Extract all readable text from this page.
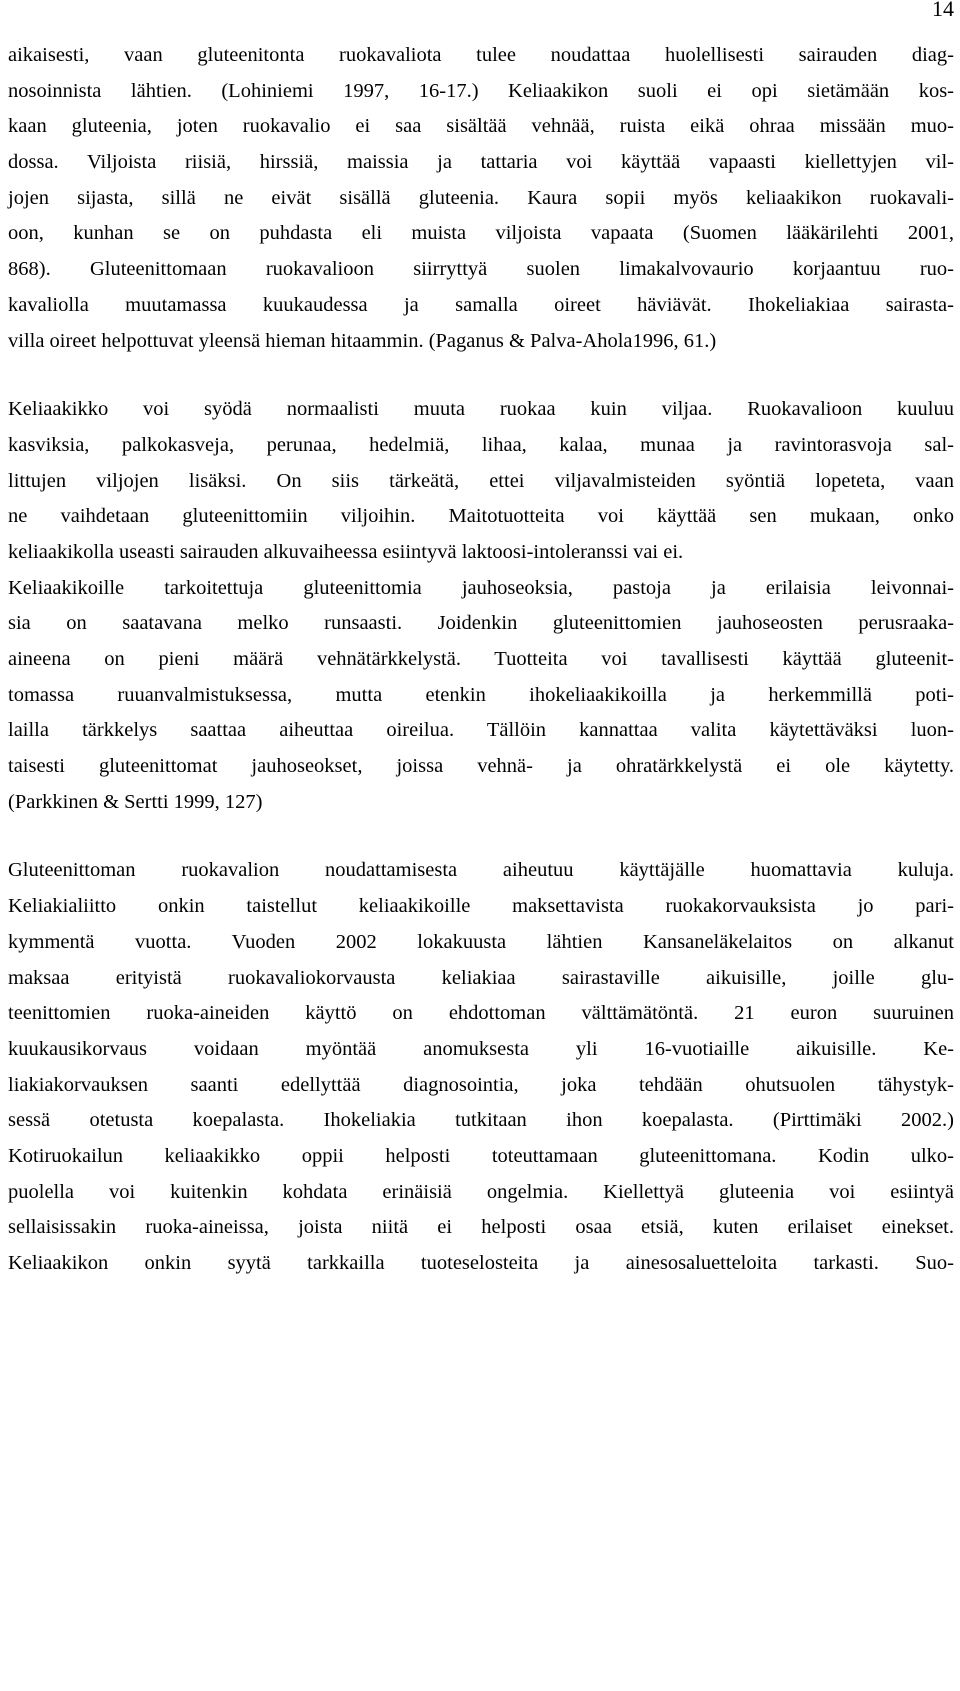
14
aikaisesti, vaan gluteenitonta ruokavaliota tulee noudattaa huolellisesti sairauden diag-
nosoinnista lähtien. (Lohiniemi 1997, 16-17.) Keliaakikon suoli ei opi sietämään kos-
kaan gluteenia, joten ruokavalio ei saa sisältää vehnää, ruista eikä ohraa missään muo-
dossa. Viljoista riisiä, hirssiä, maissia ja tattaria voi käyttää vapaasti kiellettyjen vil-
jojen sijasta, sillä ne eivät sisällä gluteenia. Kaura sopii myös keliaakikon ruokavali-
oon, kunhan se on puhdasta eli muista viljoista vapaata (Suomen lääkärilehti 2001,
868). Gluteenittomaan ruokavalioon siirryttyä suolen limakalvovaurio korjaantuu ruo-
kavaliolla muutamassa kuukaudessa ja samalla oireet häviävät. Ihokeliakiaa sairasta-
villa oireet helpottuvat yleensä hieman hitaammin. (Paganus & Palva-Ahola1996, 61.)
Keliaakikko voi syödä normaalisti muuta ruokaa kuin viljaa. Ruokavalioon kuuluu
kasviksia, palkokasveja, perunaa, hedelmiä, lihaa, kalaa, munaa ja ravintorasvoja sal-
littujen viljojen lisäksi. On siis tärkeätä, ettei viljavalmisteiden syöntiä lopeteta, vaan
ne vaihdetaan gluteenittomiin viljoihin. Maitotuotteita voi käyttää sen mukaan, onko
keliaakikolla useasti sairauden alkuvaiheessa esiintyvä laktoosi-intoleranssi vai ei.
Keliaakikoille tarkoitettuja gluteenittomia jauhoseoksia, pastoja ja erilaisia leivonnai-
sia on saatavana melko runsaasti. Joidenkin gluteenittomien jauhoseosten perusraaka-
aineena on pieni määrä vehnätärkkelystä. Tuotteita voi tavallisesti käyttää gluteenit-
tomassa ruuanvalmistuksessa, mutta etenkin ihokeliaakikoilla ja herkemmillä poti-
lailla tärkkelys saattaa aiheuttaa oireilua. Tällöin kannattaa valita käytettäväksi luon-
taisesti gluteenittomat jauhoseokset, joissa vehnä- ja ohratärkkelystä ei ole käytetty.
(Parkkinen & Sertti 1999, 127)
Gluteenittoman ruokavalion noudattamisesta aiheutuu käyttäjälle huomattavia kuluja.
Keliakialiitto onkin taistellut keliaakikoille maksettavista ruokakorvauksista jo pari-
kymmentä vuotta. Vuoden 2002 lokakuusta lähtien Kansaneläkelaitos on alkanut
maksaa erityistä ruokavaliokorvausta keliakiaa sairastaville aikuisille, joille glu-
teenittomien ruoka-aineiden käyttö on ehdottoman välttämätöntä. 21 euron suuruinen
kuukausikorvaus voidaan myöntää anomuksesta yli 16-vuotiaille aikuisille. Ke-
liakiakorvauksen saanti edellyttää diagnosointia, joka tehdään ohutsuolen tähystyk-
sessä otetusta koepalasta. Ihokeliakia tutkitaan ihon koepalasta. (Pirttimäki 2002.)
Kotiruokailun keliaakikko oppii helposti toteuttamaan gluteenittomana. Kodin ulko-
puolella voi kuitenkin kohdata erinäisiä ongelmia. Kiellettyä gluteenia voi esiintyä
sellaisissakin ruoka-aineissa, joista niitä ei helposti osaa etsiä, kuten erilaiset einekset.
Keliaakikon onkin syytä tarkkailla tuoteselosteita ja ainesosaluetteloita tarkasti. Suo-
